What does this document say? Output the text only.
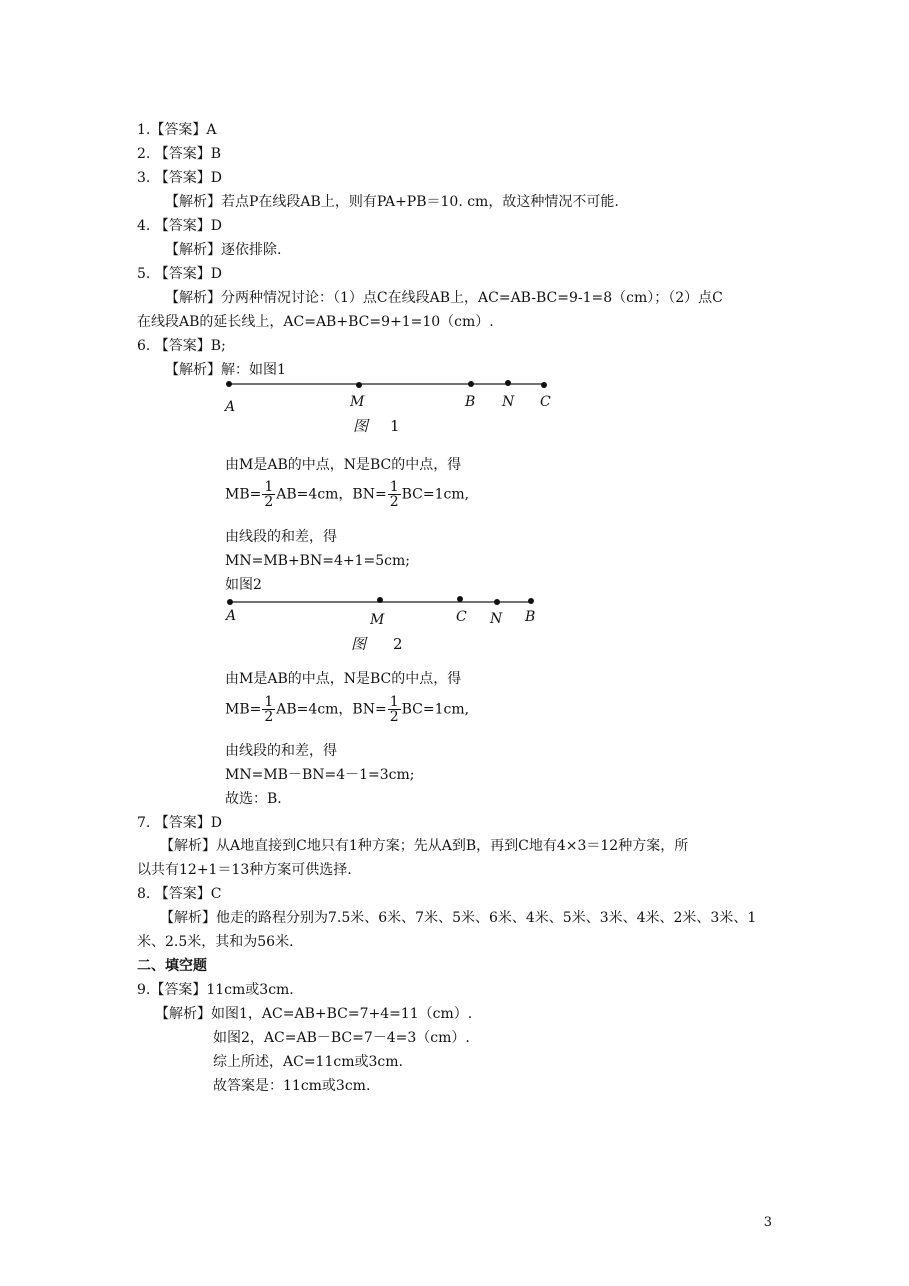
1.【答案】A
2. 【答案】B
3. 【答案】D
【解析】若点P在线段AB上，则有PA+PB＝10. cm，故这种情况不可能.
4. 【答案】D
【解析】逐依排除.
5. 【答案】D
【解析】分两种情况讨论：（1）点C在线段AB上，AC=AB-BC=9-1=8（cm）；（2）点C
在线段AB的延长线上，AC=AB+BC=9+1=10（cm）.
6. 【答案】B;
【解析】解：如图1
A	M	B N C
图 1
由M是AB的中点，N是BC的中点，得
$MB= \frac{1}{2} AB=4cm$，$BN= \frac{1}{2} BC=1cm$,
由线段的和差，得
MN=MB+BN=4+1=5cm;
如图2
A	M	C N B
图 2
由M是AB的中点，N是BC的中点，得
$MB= \frac{1}{2} AB=4cm$，$BN= \frac{1}{2} BC=1cm$,
由线段的和差，得
MN=MB－BN=4－1=3cm;
故选：B.
7. 【答案】D
【解析】从A地直接到C地只有1种方案；先从A到B，再到C地有4×3＝12种方案，所
以共有12+1＝13种方案可供选择.
8. 【答案】C
【解析】他走的路程分别为7.5米、6米、7米、5米、6米、4米、5米、3米、4米、2米、3米、1
米、2.5米，其和为56米.
二、填空题
9.【答案】11cm或3cm.
【解析】如图1，AC=AB+BC=7+4=11（cm）.
如图2，AC=AB－BC=7－4=3（cm）.
综上所述，AC=11cm或3cm.
故答案是：11cm或3cm.
3
